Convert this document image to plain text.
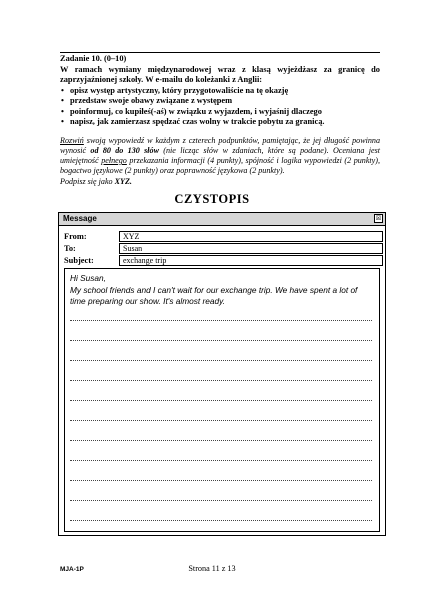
Zadanie 10. (0–10)
W ramach wymiany międzynarodowej wraz z klasą wyjeżdżasz za granicę do zaprzyjaźnionej szkoły. W e-mailu do koleżanki z Anglii:
• opisz występ artystyczny, który przygotowaliście na tę okazję
• przedstaw swoje obawy związane z występem
• poinformuj, co kupiłeś(-aś) w związku z wyjazdem, i wyjaśnij dlaczego
• napisz, jak zamierzasz spędzać czas wolny w trakcie pobytu za granicą.
Rozwiń swoją wypowiedź w każdym z czterech podpunktów, pamiętając, że jej długość powinna wynosić od 80 do 130 słów (nie licząc słów w zdaniach, które są podane). Oceniana jest umiejętność pełnego przekazania informacji (4 punkty), spójność i logika wypowiedzi (2 punkty), bogactwo językowe (2 punkty) oraz poprawność językowa (2 punkty).
Podpisz się jako XYZ.
CZYSTOPIS
Message	☒
From:	XYZ
To:	Susan
Subject:	exchange trip
Hi Susan,
My school friends and I can't wait for our exchange trip. We have spent a lot of time preparing our show. It's almost ready.
MJA-1P	Strona 11 z 13
